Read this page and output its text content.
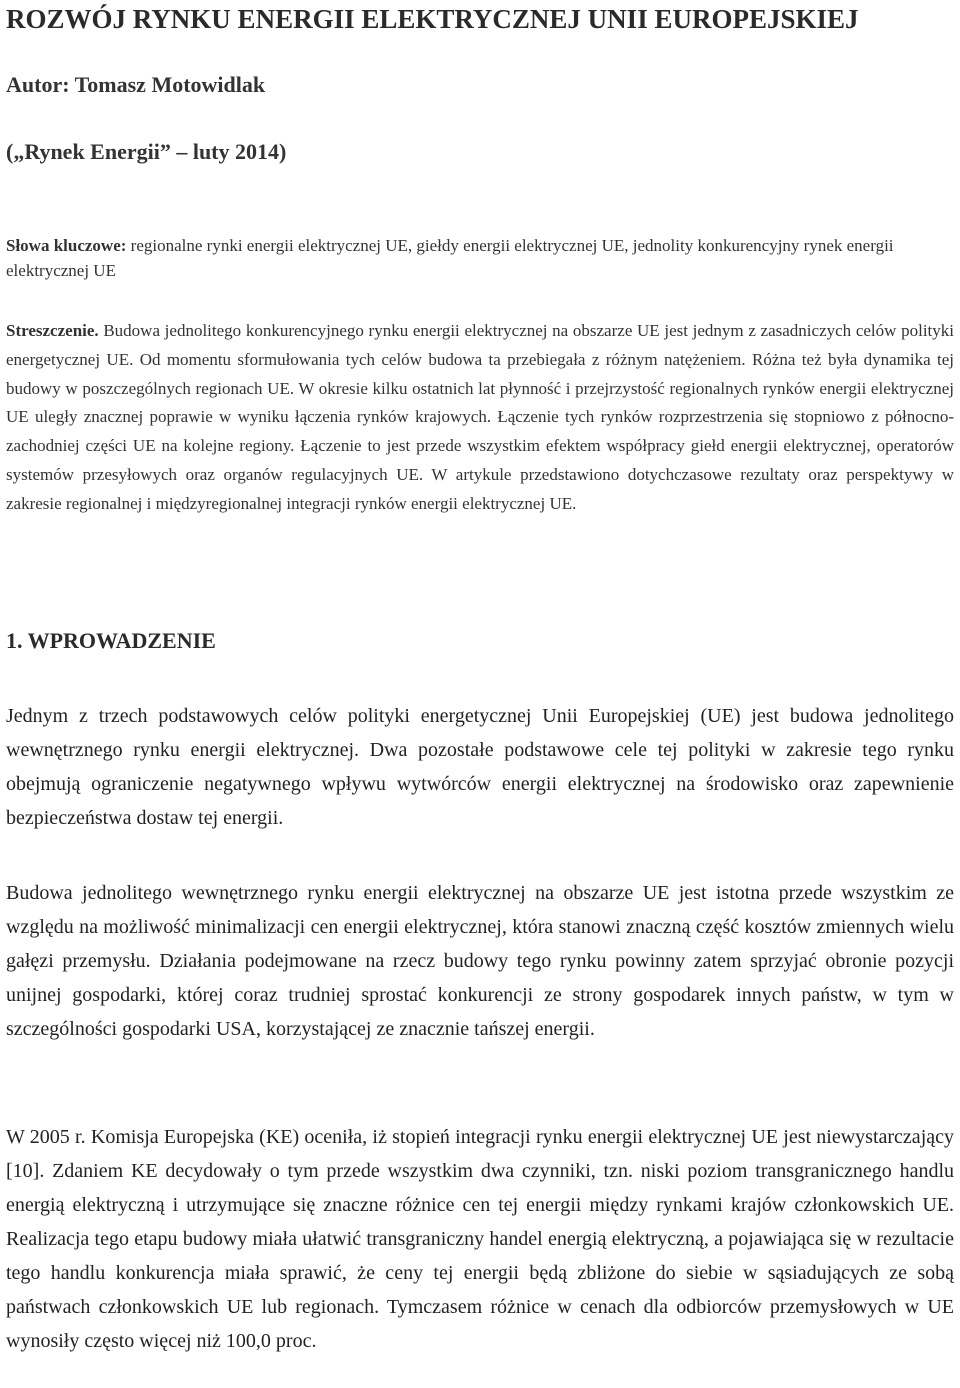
ROZWÓJ RYNKU ENERGII ELEKTRYCZNEJ UNII EUROPEJSKIEJ
Autor: Tomasz Motowidlak
(„Rynek Energii” – luty 2014)

Słowa kluczowe: regionalne rynki energii elektrycznej UE, giełdy energii elektrycznej UE, jednolity konkurencyjny rynek energii elektrycznej UE

Streszczenie. Budowa jednolitego konkurencyjnego rynku energii elektrycznej na obszarze UE jest jednym z zasadniczych celów polityki energetycznej UE. Od momentu sformułowania tych celów budowa ta przebiegała z różnym natężeniem. Różna też była dynamika tej budowy w poszczególnych regionach UE. W okresie kilku ostatnich lat płynność i przejrzystość regionalnych rynków energii elektrycznej UE uległy znacznej poprawie w wyniku łączenia rynków krajowych. Łączenie tych rynków rozprzestrzenia się stopniowo z północno-zachodniej części UE na kolejne regiony. Łączenie to jest przede wszystkim efektem współpracy giełd energii elektrycznej, operatorów systemów przesyłowych oraz organów regulacyjnych UE. W artykule przedstawiono dotychczasowe rezultaty oraz perspektywy w zakresie regionalnej i międzyregionalnej integracji rynków energii elektrycznej UE.

1. WPROWADZENIE

Jednym z trzech podstawowych celów polityki energetycznej Unii Europejskiej (UE) jest budowa jednolitego wewnętrznego rynku energii elektrycznej. Dwa pozostałe podstawowe cele tej polityki w zakresie tego rynku obejmują ograniczenie negatywnego wpływu wytwórców energii elektrycznej na środowisko oraz zapewnienie bezpieczeństwa dostaw tej energii.

Budowa jednolitego wewnętrznego rynku energii elektrycznej na obszarze UE jest istotna przede wszystkim ze względu na możliwość minimalizacji cen energii elektrycznej, która stanowi znaczną część kosztów zmiennych wielu gałęzi przemysłu. Działania podejmowane na rzecz budowy tego rynku powinny zatem sprzyjać obronie pozycji unijnej gospodarki, której coraz trudniej sprostać konkurencji ze strony gospodarek innych państw, w tym w szczególności gospodarki USA, korzystającej ze znacznie tańszej energii.

W 2005 r. Komisja Europejska (KE) oceniła, iż stopień integracji rynku energii elektrycznej UE jest niewystarczający [10]. Zdaniem KE decydowały o tym przede wszystkim dwa czynniki, tzn. niski poziom transgranicznego handlu energią elektryczną i utrzymujące się znaczne różnice cen tej energii między rynkami krajów członkowskich UE. Realizacja tego etapu budowy miała ułatwić transgraniczny handel energią elektryczną, a pojawiająca się w rezultacie tego handlu konkurencja miała sprawić, że ceny tej energii będą zbliżone do siebie w sąsiadujących ze sobą państwach członkowskich UE lub regionach. Tymczasem różnice w cenach dla odbiorców przemysłowych w UE wynosiły często więcej niż 100,0 proc.
